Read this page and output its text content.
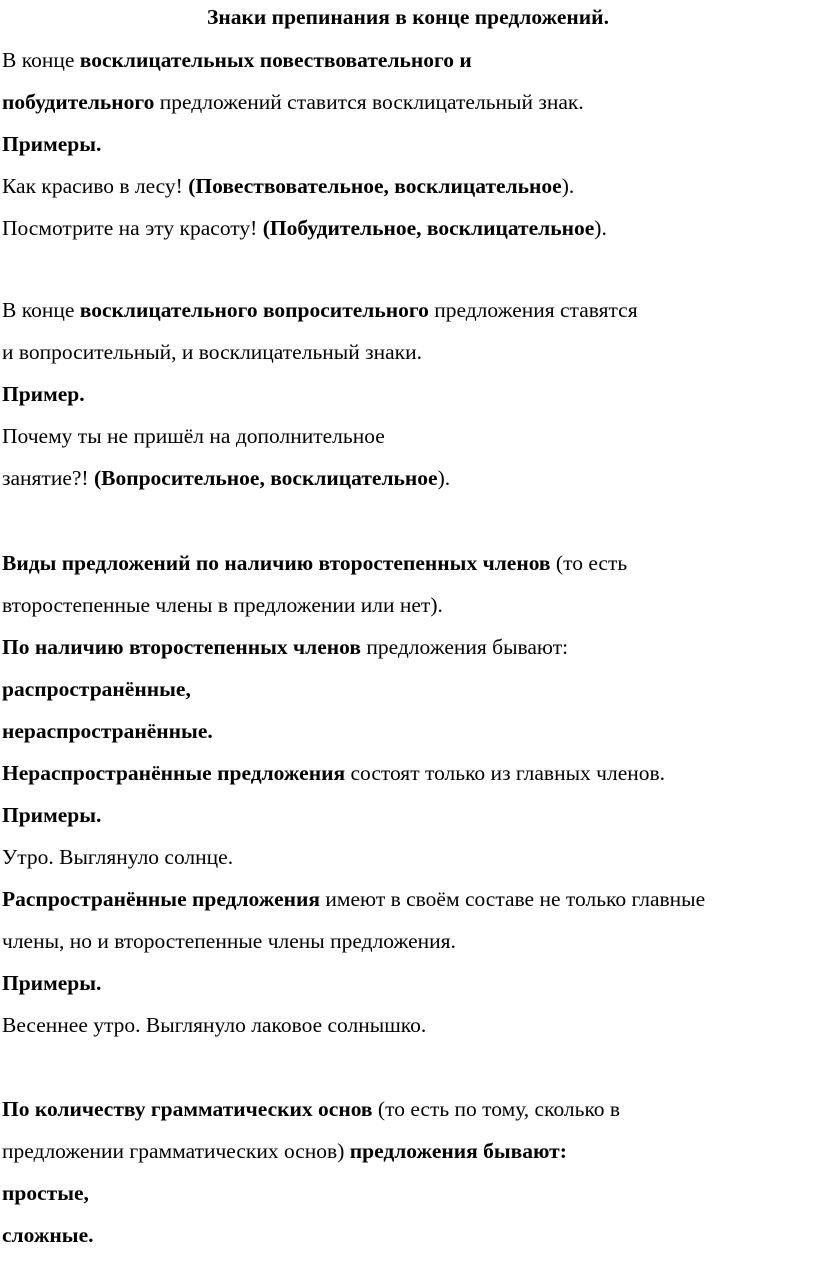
Знаки препинания в конце предложений.
В конце восклицательных повествовательного и
побудительного предложений ставится восклицательный знак.
Примеры.
Как красиво в лесу! (Повествовательное, восклицательное).
Посмотрите на эту красоту! (Побудительное, восклицательное).
В конце восклицательного вопросительного предложения ставятся
и вопросительный, и восклицательный знаки.
Пример.
Почему ты не пришёл на дополнительное
занятие?! (Вопросительное, восклицательное).
Виды предложений по наличию второстепенных членов (то есть
второстепенные члены в предложении или нет).
По наличию второстепенных членов предложения бывают:
распространённые,
нераспространённые.
Нераспространённые предложения состоят только из главных членов.
Примеры.
Утро. Выглянуло солнце.
Распространённые предложения имеют в своём составе не только главные
члены, но и второстепенные члены предложения.
Примеры.
Весеннее утро. Выглянуло лаковое солнышко.
По количеству грамматических основ (то есть по тому, сколько в
предложении грамматических основ) предложения бывают:
простые,
сложные.
